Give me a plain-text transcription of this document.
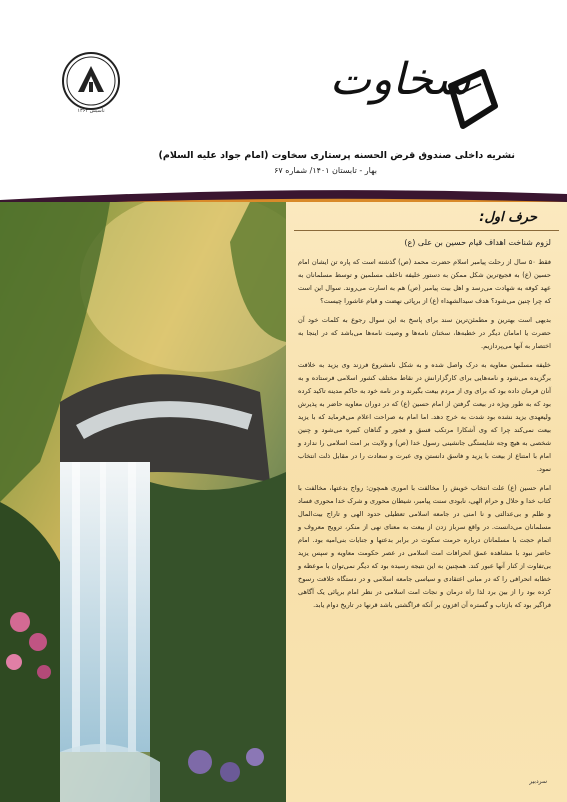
تاسیس ۱۳۶۳
سخاوت
نشریه داخلی صندوق قرض الحسنه پرستاری سخاوت (امام جواد علیه السلام)
بهار - تابستان ۱۴۰۱/ شماره ۶۷
حرف اول:
لزوم شناخت اهداف قیام حسین بن علی (ع)

فقط ۵۰ سال از رحلت پیامبر اسلام حضرت محمد (ص) گذشته است که پاره تن ایشان امام حسین (ع) به فجیع‌ترین شکل ممکن به دستور خلیفه ناخلف مسلمین و توسط مسلمانان به عهد کوفه به شهادت می‌رسد و اهل بیت پیامبر (ص) هم به اسارت می‌روند. سوال این است که چرا چنین می‌شود؟ هدف سیدالشهداء (ع) از برپائی نهضت و قیام عاشورا چیست؟

بدیهی است بهترین و مطمئن‌ترین سند برای پاسخ به این سوال رجوع به کلمات خود آن حضرت یا امامان دیگر در خطبه‌ها، سخنان نامه‌ها و وصیت نامه‌ها می‌باشد که در اینجا به اختصار به آنها می‌پردازیم.

خلیفه مسلمین معاویه به درک واصل شده و به شکل نامشروع فرزند وی یزید به خلافت برگزیده می‌شود و نامه‌هایی برای کارگزارانش در نقاط مختلف کشور اسلامی فرستاده و به آنان فرمان داده بود که برای وی از مردم بیعت بگیرند و در نامه خود به حاکم مدینه تاکید کرده بود که به طور ویژه در بیعت گرفتن از امام حسین (ع) که در دوران معاویه حاضر به پذیرش ولیعهدی یزید نشده بود شدت به خرج دهد. اما امام به صراحت اعلام می‌فرماید که با یزید بیعت نمی‌کند چرا که وی آشکارا مرتکب فسق و فجور و گناهان کبیره می‌شود و چنین شخصی به هیچ وجه شایستگی جانشینی رسول خدا (ص) و ولایت بر امت اسلامی را ندارد و امام با امتناع از بیعت با یزید و فاسق دانستن وی عبرت و سعادت را در مقابل ذلت انتخاب نمود.

امام حسین (ع) علت انتخاب خویش را مخالفت با اموری همچون: رواج بدعتها، مخالفت با کتاب خدا و حلال و حرام الهی، نابودی سنت پیامبر، شیطان محوری و شرک خدا محوری فساد و ظلم و بی‌عدالتی و نا امنی در جامعه اسلامی تعطیلی حدود الهی و تاراج بیت‌المال مسلمانان می‌دانست. در واقع سرباز زدن از بیعت به معنای نهی از منکر، ترویج معروف و اتمام حجت با مسلمانان درباره حرمت سکوت در برابر بدعتها و جنایات بنی‌امیه بود. امام حاضر نبود با مشاهده عمق انحرافات امت اسلامی در عصر حکومت معاویه و سپس یزید بی‌تفاوت از کنار آنها عبور کند. همچنین به این نتیجه رسیده بود که دیگر نمی‌توان با موعظه و خطابه انحرافی را که در مبانی اعتقادی و سیاسی جامعه اسلامی و در دستگاه خلافت رسوخ کرده بود را از بین برد لذا راه درمان و نجات امت اسلامی در نظر امام برپائی یک آگاهی فراگیر بود که بازتاب و گستره آن افزون بر آنکه فراگشتی باشد قرنها در تاریخ دوام یابد.

سردبیر
